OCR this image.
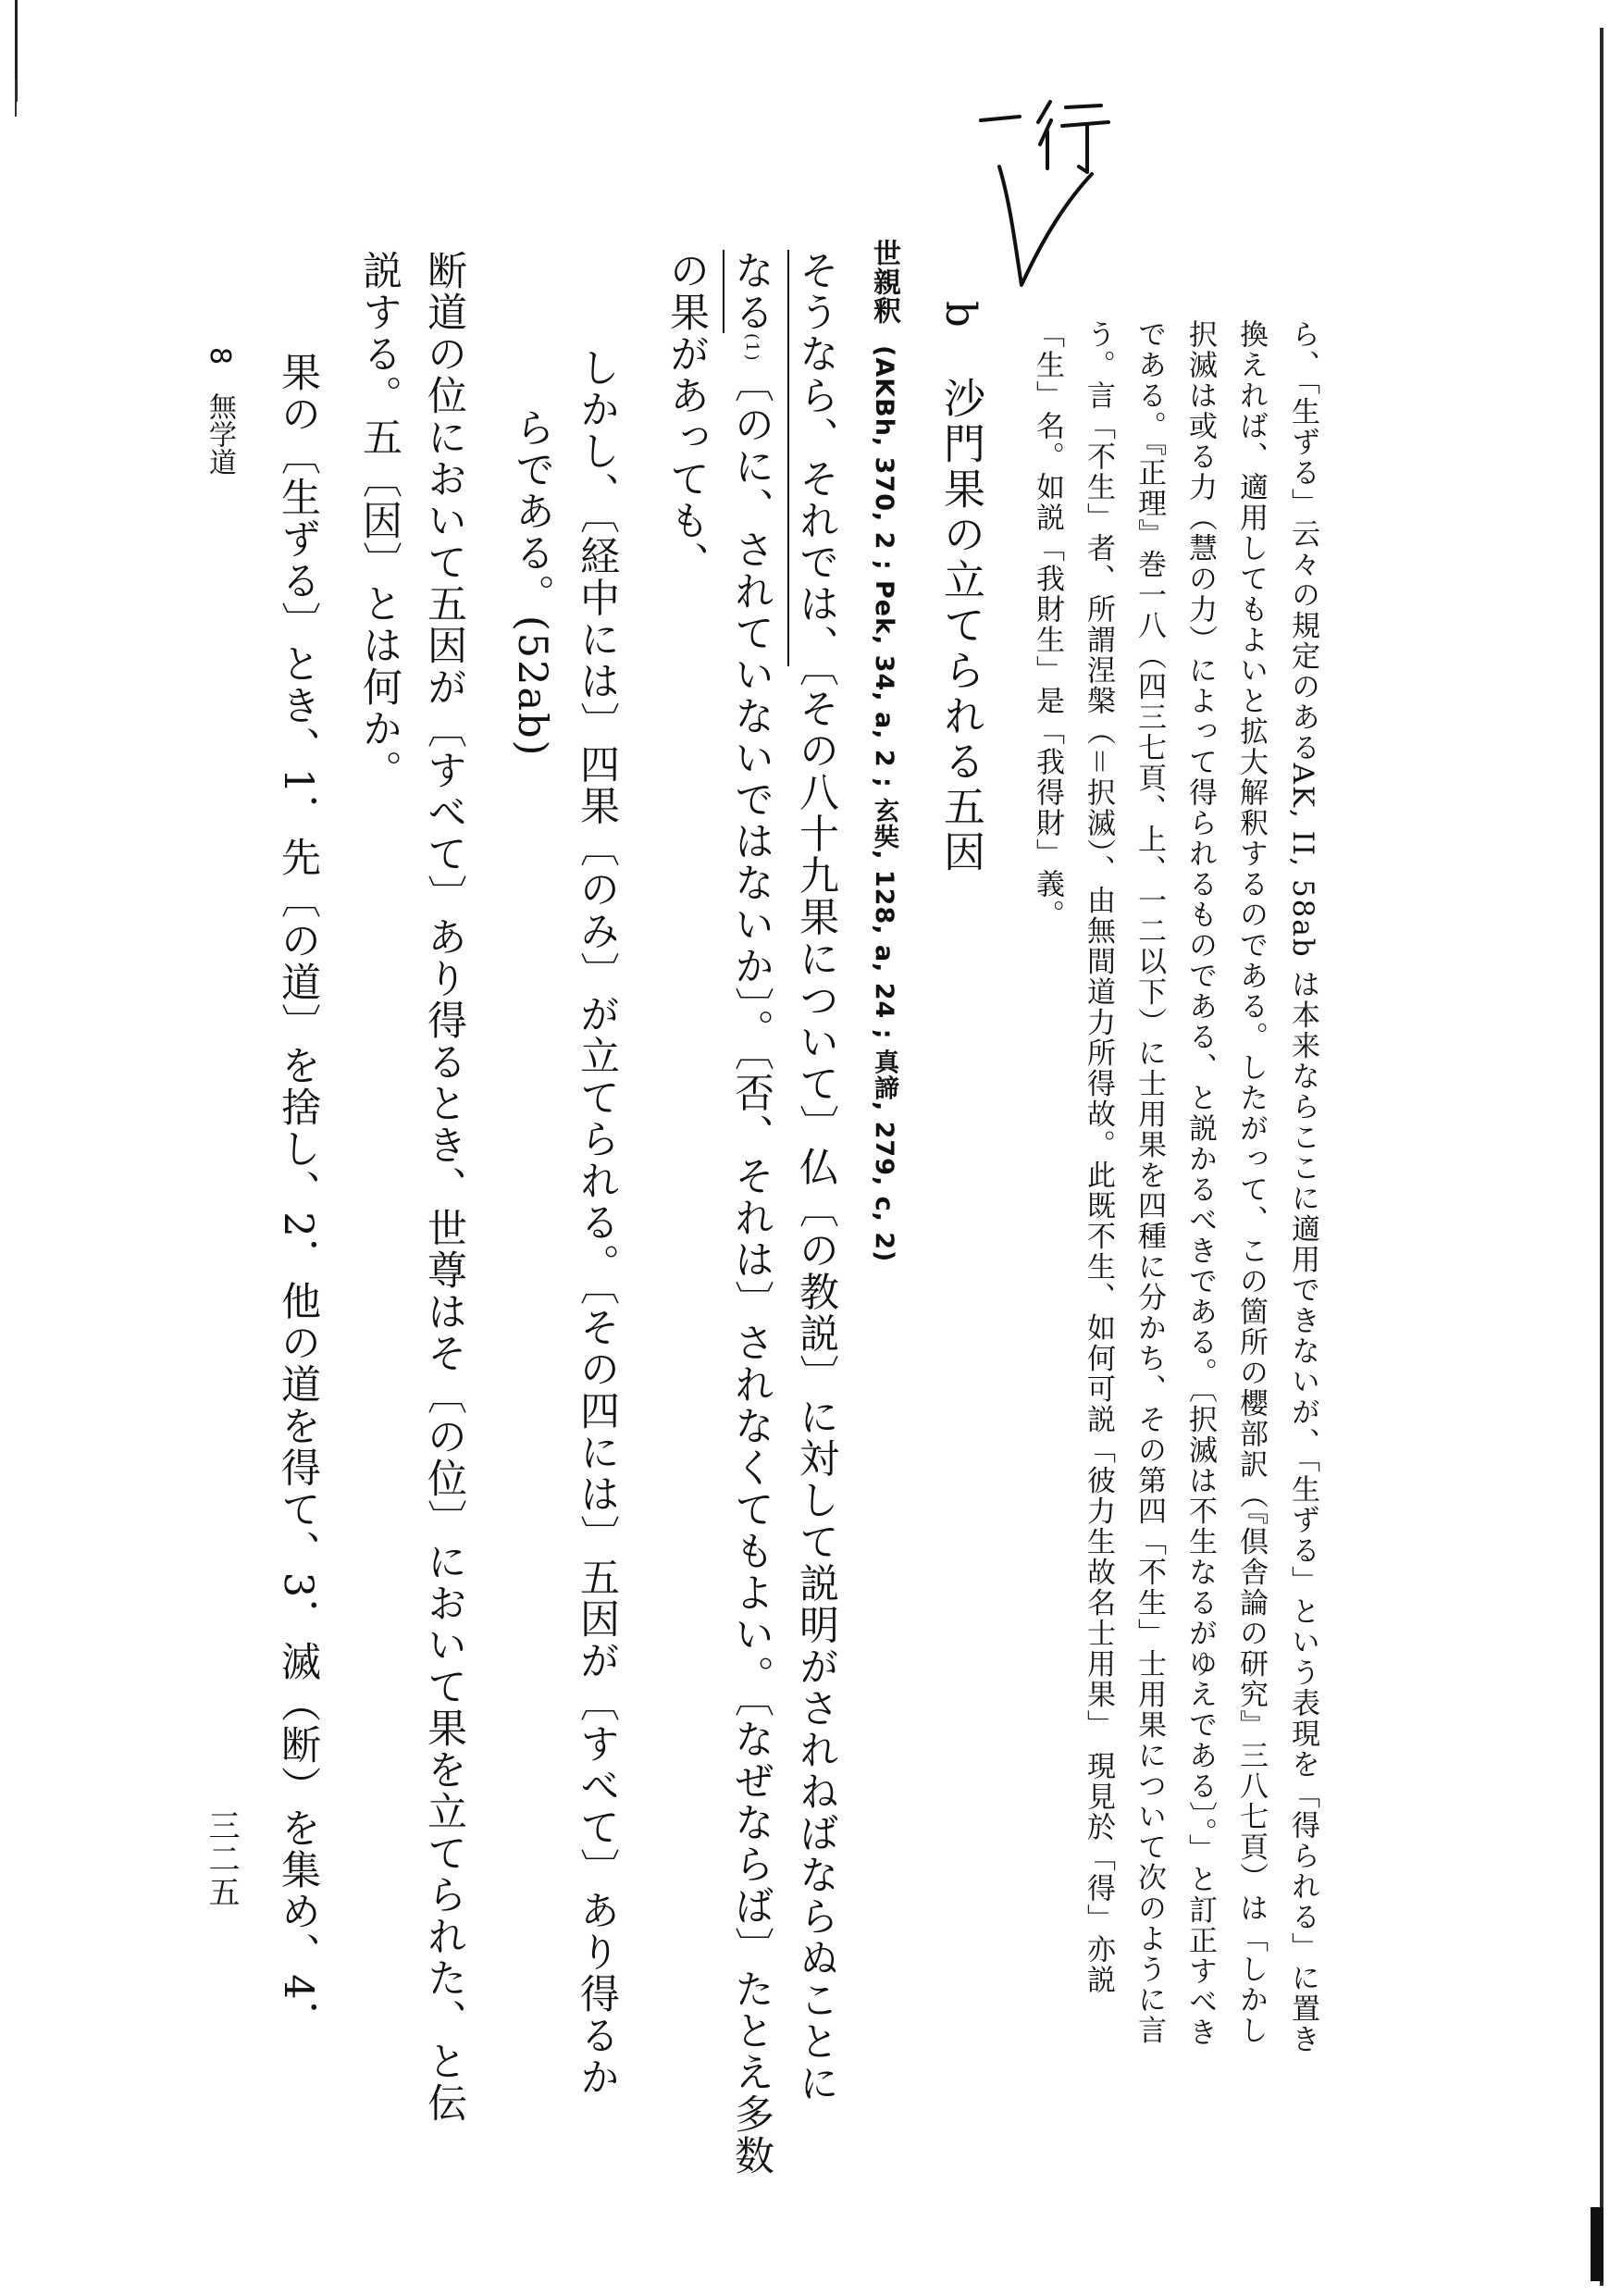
ら、「生ずる」云々の規定のあるAK, II, 58ab は本来ならここに適用できないが、「生ずる」という表現を「得られる」に置き
換えれば、適用してもよいと拡大解釈するのである。したがって、この箇所の櫻部訳（『倶舎論の研究』三八七頁）は「しかし
択滅は或る力（慧の力）によって得られるものである、と説かるべきである。〔択滅は不生なるがゆえである〕。」と訂正すべき
である。『正理』巻一八（四三七頁、上、一二以下）に士用果を四種に分かち、その第四「不生」士用果について次のように言
う。言「不生」者、所謂涅槃（＝択滅）、由無間道力所得故。此既不生、如何可説「彼力生故名士用果」 現見於「得」亦説
「生」名。如説「我財生」是「我得財」義。
b　沙門果の立てられる五因
世親釈(AKBh, 370, 2 ; Pek, 34, a, 2 ; 玄奘, 128, a, 24 ; 真諦, 279, c, 2)
そうなら、それでは、〔その八十九果について〕仏〔の教説〕に対して説明がされねばならぬことに
なる(1)〔のに、されていないではないか〕。〔否、それは〕されなくてもよい。〔なぜならば〕たとえ多数
の果があっても、
しかし、〔経中には〕四果〔のみ〕が立てられる。〔その四には〕五因が〔すべて〕あり得るか
らである。(52ab)
断道の位において五因が〔すべて〕あり得るとき、世尊はそ〔の位〕において果を立てられた、と伝
説する。五〔因〕とは何か。
果の〔生ずる〕とき、1．先〔の道〕を捨し、2．他の道を得て、3．滅（断）を集め、4．
8　無学道
三二五
